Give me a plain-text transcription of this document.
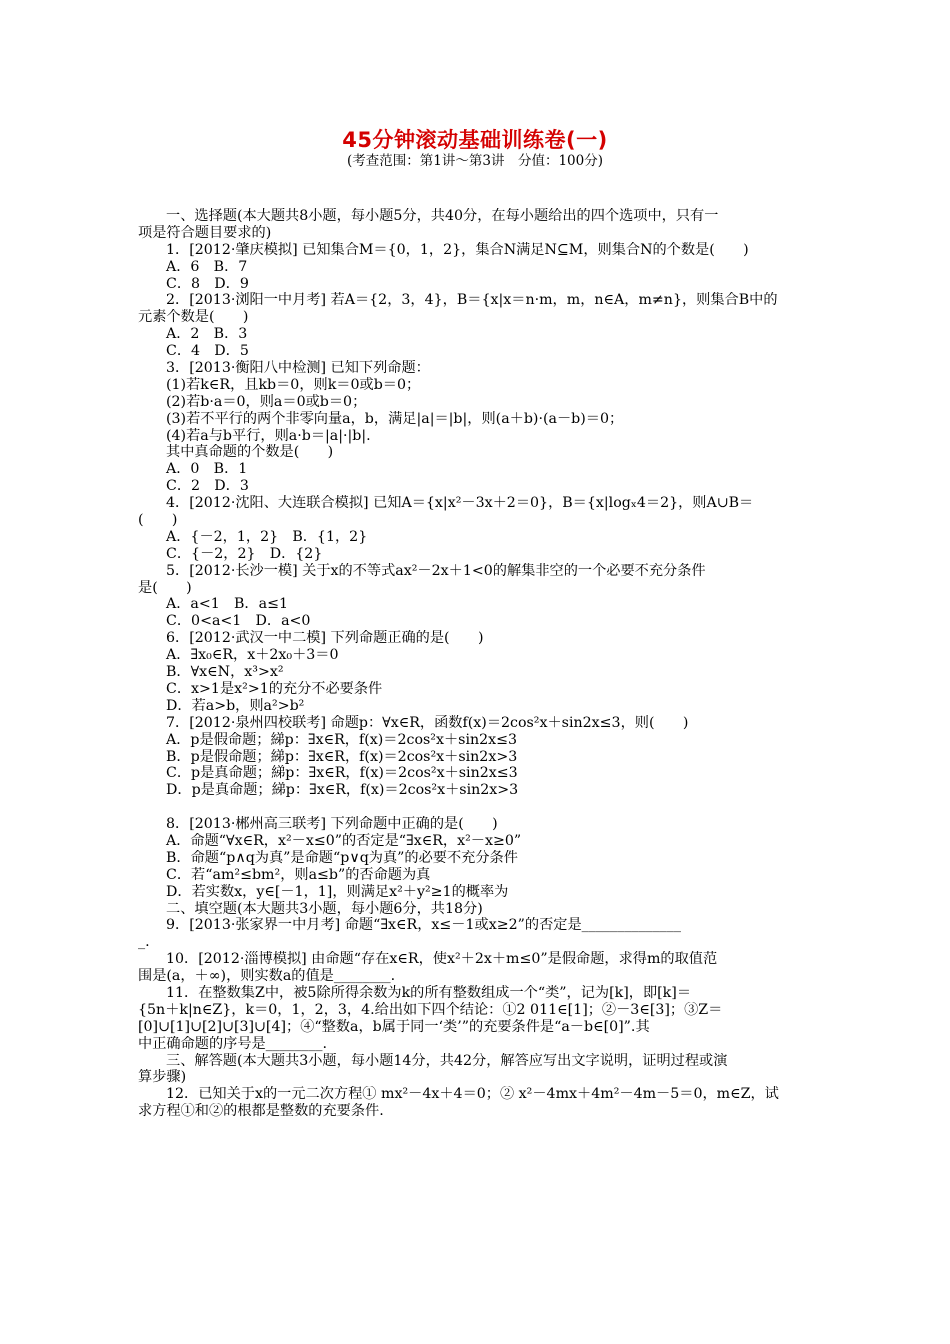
45分钟滚动基础训练卷(一)
(考查范围：第1讲～第3讲　分值：100分)
一、选择题(本大题共8小题，每小题5分，共40分，在每小题给出的四个选项中，只有一
项是符合题目要求的)
1．[2012·肇庆模拟] 已知集合M＝{0，1，2}，集合N满足N⊆M，则集合N的个数是(　　)
A．6　B．7
C．8　D．9
2．[2013·浏阳一中月考] 若A＝{2，3，4}，B＝{x|x＝n·m，m，n∈A，m≠n}，则集合B中的
元素个数是(　　)
A．2　B．3
C．4　D．5
3．[2013·衡阳八中检测] 已知下列命题：
(1)若k∈R，且kb＝0，则k＝0或b＝0；
(2)若b·a＝0，则a＝0或b＝0；
(3)若不平行的两个非零向量a，b，满足|a|＝|b|，则(a＋b)·(a－b)＝0；
(4)若a与b平行，则a·b＝|a|·|b|.
其中真命题的个数是(　　)
A．0　B．1
C．2　D．3
4．[2012·沈阳、大连联合模拟] 已知A＝{x|x²－3x＋2＝0}，B＝{x|logₓ4＝2}，则A∪B＝
(　　)
A．{－2，1，2}　B．{1，2}
C．{－2，2}　D．{2}
5．[2012·长沙一模] 关于x的不等式ax²－2x＋1<0的解集非空的一个必要不充分条件
是(　　)
A．a<1　B．a≤1
C．0<a<1　D．a<0
6．[2012·武汉一中二模] 下列命题正确的是(　　)
A．∃x₀∈R，x＋2x₀＋3＝0
B．∀x∈N，x³>x²
C．x>1是x²>1的充分不必要条件
D．若a>b，则a²>b²
7．[2012·泉州四校联考] 命题p：∀x∈R，函数f(x)＝2cos²x＋sin2x≤3，则(　　)
A．p是假命题；綈p：∃x∈R，f(x)＝2cos²x＋sin2x≤3
B．p是假命题；綈p：∃x∈R，f(x)＝2cos²x＋sin2x>3
C．p是真命题；綈p：∃x∈R，f(x)＝2cos²x＋sin2x≤3
D．p是真命题；綈p：∃x∈R，f(x)＝2cos²x＋sin2x>3
8．[2013·郴州高三联考] 下列命题中正确的是(　　)
A．命题“∀x∈R，x²－x≤0”的否定是“∃x∈R，x²－x≥0”
B．命题“p∧q为真”是命题“p∨q为真”的必要不充分条件
C．若“am²≤bm²，则a≤b”的否命题为真
D．若实数x，y∈[－1，1]，则满足x²＋y²≥1的概率为
二、填空题(本大题共3小题，每小题6分，共18分)
9．[2013·张家界一中月考] 命题“∃x∈R，x≤－1或x≥2”的否定是______________
_.
10．[2012·淄博模拟] 由命题“存在x∈R，使x²＋2x＋m≤0”是假命题，求得m的取值范
围是(a，＋∞)，则实数a的值是________.
11．在整数集Z中，被5除所得余数为k的所有整数组成一个“类”，记为[k]，即[k]＝
{5n＋k|n∈Z}，k＝0，1，2，3，4.给出如下四个结论：①2 011∈[1]；②－3∈[3]；③Z＝
[0]∪[1]∪[2]∪[3]∪[4]；④“整数a，b属于同一‘类’”的充要条件是“a－b∈[0]”.其
中正确命题的序号是________.
三、解答题(本大题共3小题，每小题14分，共42分，解答应写出文字说明，证明过程或演
算步骤)
12．已知关于x的一元二次方程① mx²－4x＋4＝0；② x²－4mx＋4m²－4m－5＝0，m∈Z，试
求方程①和②的根都是整数的充要条件.
